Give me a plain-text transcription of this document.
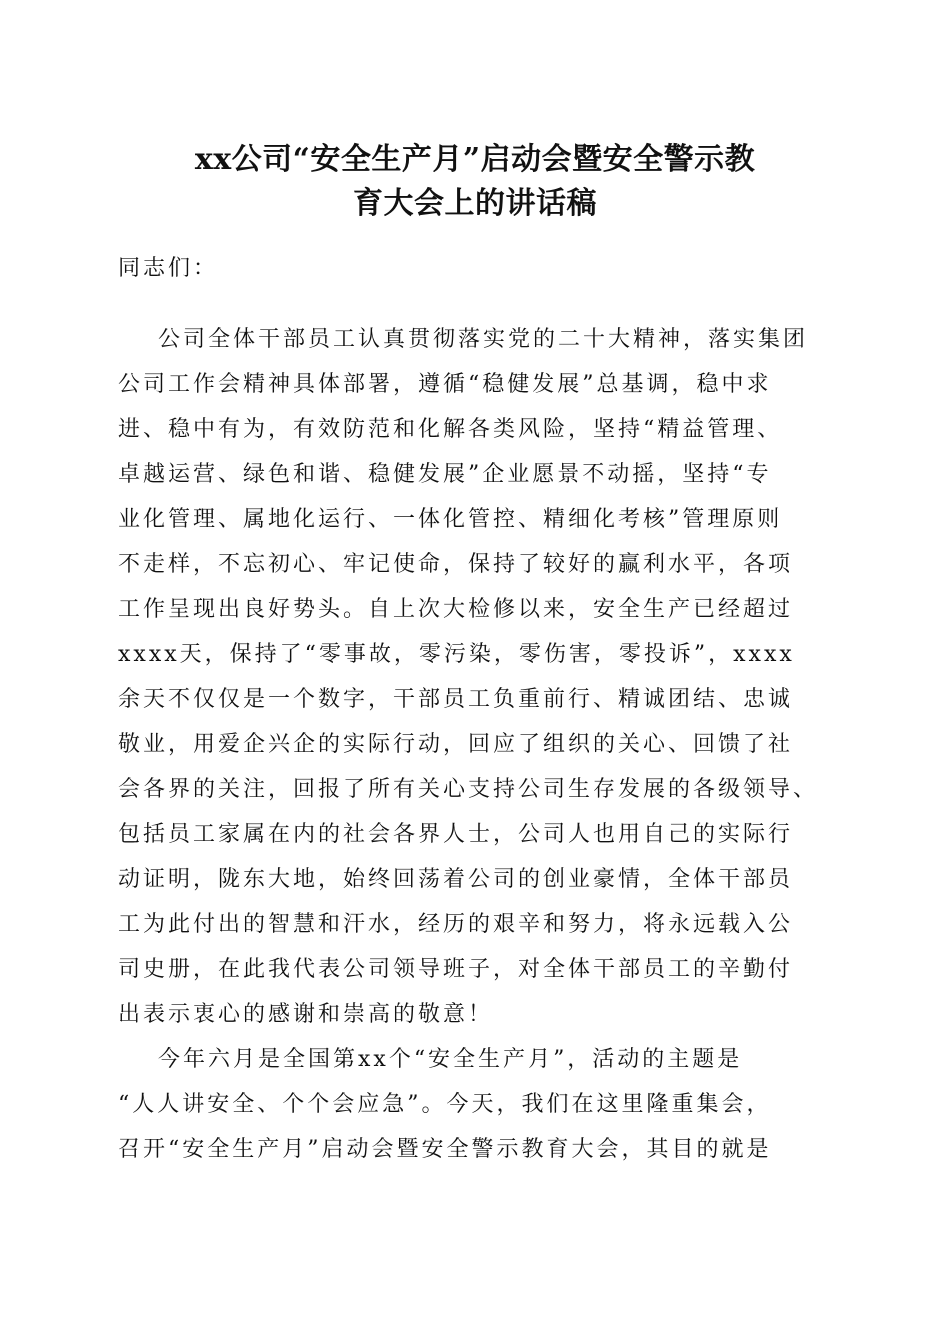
xx公司“安全生产月”启动会暨安全警示教
育大会上的讲话稿
同志们：
公司全体干部员工认真贯彻落实党的二十大精神，落实集团
公司工作会精神具体部署，遵循“稳健发展”总基调，稳中求
进、稳中有为，有效防范和化解各类风险，坚持“精益管理、
卓越运营、绿色和谐、稳健发展”企业愿景不动摇，坚持“专
业化管理、属地化运行、一体化管控、精细化考核”管理原则
不走样，不忘初心、牢记使命，保持了较好的赢利水平，各项
工作呈现出良好势头。自上次大检修以来，安全生产已经超过
xxxx天，保持了“零事故，零污染，零伤害，零投诉”，xxxx
余天不仅仅是一个数字，干部员工负重前行、精诚团结、忠诚
敬业，用爱企兴企的实际行动，回应了组织的关心、回馈了社
会各界的关注，回报了所有关心支持公司生存发展的各级领导、
包括员工家属在内的社会各界人士，公司人也用自己的实际行
动证明，陇东大地，始终回荡着公司的创业豪情，全体干部员
工为此付出的智慧和汗水，经历的艰辛和努力，将永远载入公
司史册，在此我代表公司领导班子，对全体干部员工的辛勤付
出表示衷心的感谢和崇高的敬意！
今年六月是全国第xx个“安全生产月”，活动的主题是
“人人讲安全、个个会应急”。今天，我们在这里隆重集会，
召开“安全生产月”启动会暨安全警示教育大会，其目的就是
